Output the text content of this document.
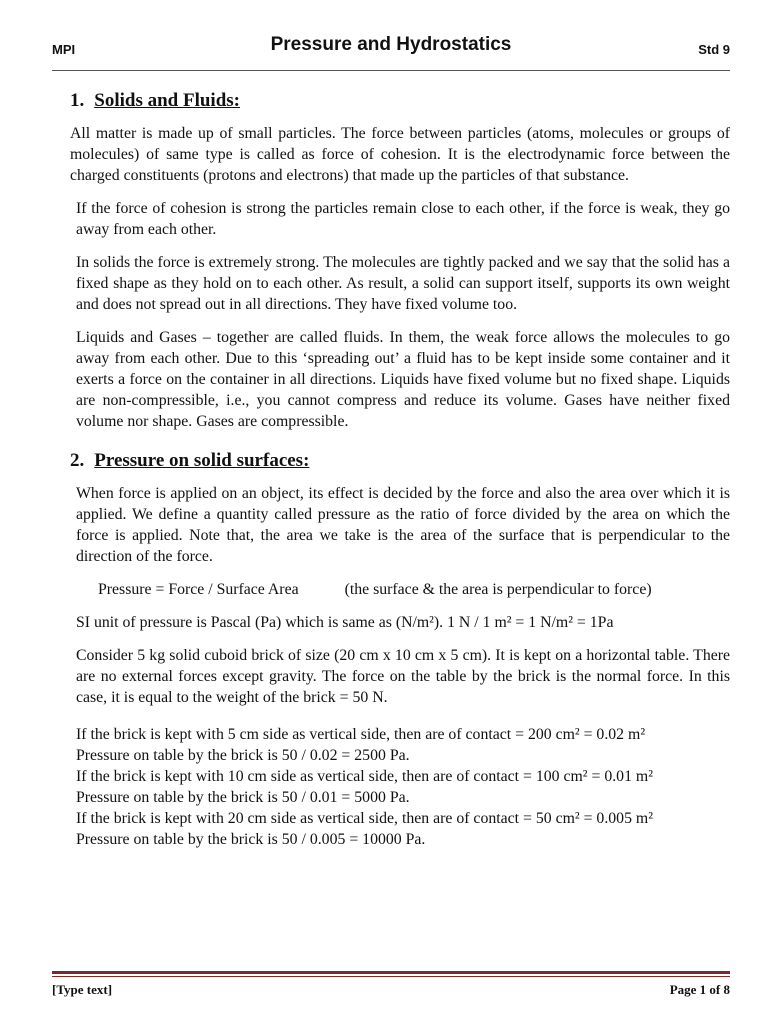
MPI	Pressure and Hydrostatics	Std 9
1. Solids and Fluids:

All matter is made up of small particles. The force between particles (atoms, molecules or groups of molecules) of same type is called as force of cohesion. It is the electrodynamic force between the charged constituents (protons and electrons) that made up the particles of that substance.

If the force of cohesion is strong the particles remain close to each other, if the force is weak, they go away from each other.

In solids the force is extremely strong. The molecules are tightly packed and we say that the solid has a fixed shape as they hold on to each other. As result, a solid can support itself, supports its own weight and does not spread out in all directions. They have fixed volume too.

Liquids and Gases – together are called fluids. In them, the weak force allows the molecules to go away from each other. Due to this ‘spreading out’ a fluid has to be kept inside some container and it exerts a force on the container in all directions. Liquids have fixed volume but no fixed shape. Liquids are non-compressible, i.e., you cannot compress and reduce its volume. Gases have neither fixed volume nor shape. Gases are compressible.

2. Pressure on solid surfaces:

When force is applied on an object, its effect is decided by the force and also the area over which it is applied. We define a quantity called pressure as the ratio of force divided by the area on which the force is applied. Note that, the area we take is the area of the surface that is perpendicular to the direction of the force.

Pressure = Force / Surface Area	(the surface & the area is perpendicular to force)

SI unit of pressure is Pascal (Pa) which is same as (N/m²). 1 N / 1 m² = 1 N/m² = 1Pa

Consider 5 kg solid cuboid brick of size (20 cm x 10 cm x 5 cm). It is kept on a horizontal table. There are no external forces except gravity. The force on the table by the brick is the normal force. In this case, it is equal to the weight of the brick = 50 N.

If the brick is kept with 5 cm side as vertical side, then are of contact = 200 cm² = 0.02 m²
Pressure on table by the brick is 50 / 0.02 = 2500 Pa.
If the brick is kept with 10 cm side as vertical side, then are of contact = 100 cm² = 0.01 m²
Pressure on table by the brick is 50 / 0.01 = 5000 Pa.
If the brick is kept with 20 cm side as vertical side, then are of contact = 50 cm² = 0.005 m²
Pressure on table by the brick is 50 / 0.005 = 10000 Pa.
[Type text]	Page 1 of 8
